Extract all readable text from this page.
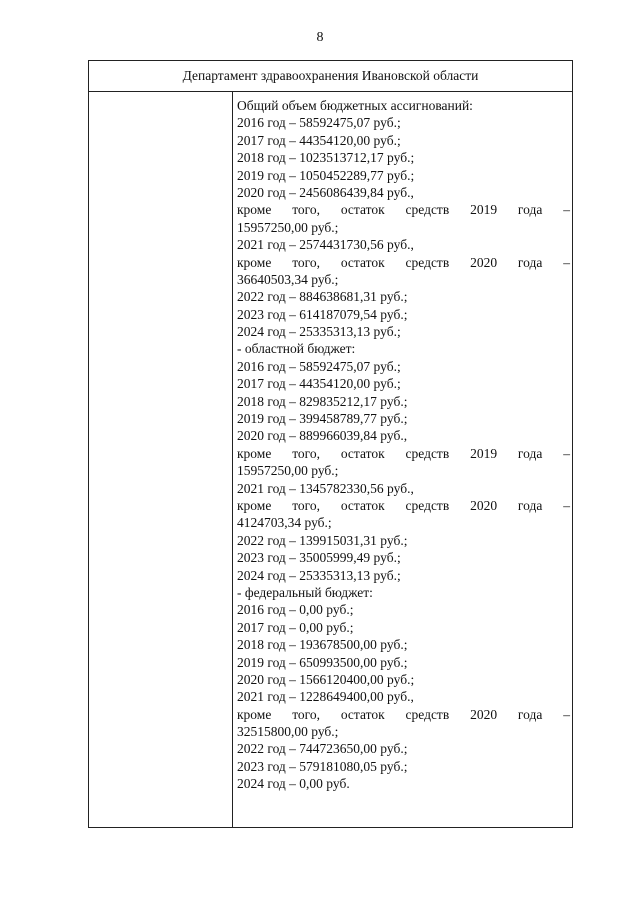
8
Департамент здравоохранения Ивановской области
Общий объем бюджетных ассигнований:
2016 год – 58592475,07 руб.;
2017 год – 44354120,00 руб.;
2018 год – 1023513712,17 руб.;
2019 год – 1050452289,77 руб.;
2020 год – 2456086439,84 руб.,
кроме того, остаток средств 2019 года –
15957250,00 руб.;
2021 год – 2574431730,56 руб.,
кроме того, остаток средств 2020 года –
36640503,34 руб.;
2022 год – 884638681,31 руб.;
2023 год – 614187079,54 руб.;
2024 год – 25335313,13 руб.;
- областной бюджет:
2016 год – 58592475,07 руб.;
2017 год – 44354120,00 руб.;
2018 год – 829835212,17 руб.;
2019 год – 399458789,77 руб.;
2020 год – 889966039,84 руб.,
кроме того, остаток средств 2019 года –
15957250,00 руб.;
2021 год – 1345782330,56 руб.,
кроме того, остаток средств 2020 года –
4124703,34 руб.;
2022 год – 139915031,31 руб.;
2023 год – 35005999,49 руб.;
2024 год – 25335313,13 руб.;
- федеральный бюджет:
2016 год – 0,00 руб.;
2017 год – 0,00 руб.;
2018 год – 193678500,00 руб.;
2019 год – 650993500,00 руб.;
2020 год – 1566120400,00 руб.;
2021 год – 1228649400,00 руб.,
кроме того, остаток средств 2020 года –
32515800,00 руб.;
2022 год – 744723650,00 руб.;
2023 год – 579181080,05 руб.;
2024 год – 0,00 руб.
